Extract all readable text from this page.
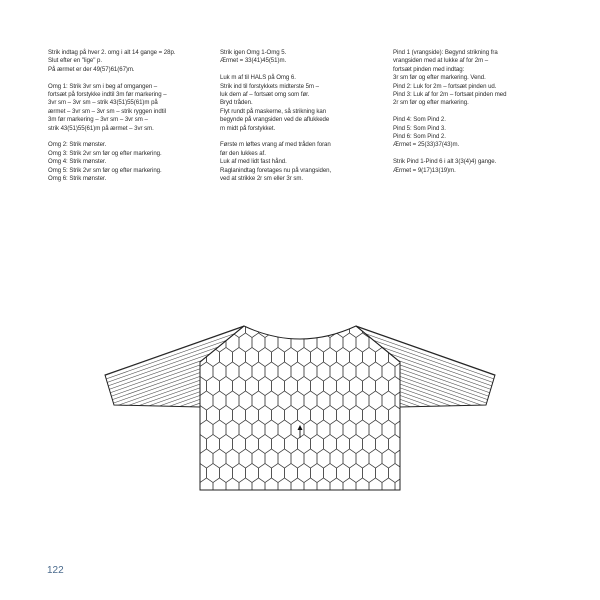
Strik indtag på hver 2. omg i alt 14 gange = 28p.
Slut efter en "lige" p.
På ærmet er der 49(57)61(67)m.

Omg 1: Strik 3vr sm i beg af omgangen –
fortsæt på forstykke indtil 3m før markering –
3vr sm – 3vr sm – strik 43(51)55(61)m på
ærmet – 3vr sm – 3vr sm – strik ryggen indtil
3m før markering – 3vr sm – 3vr sm –
strik 43(51)55(61)m på ærmet – 3vr sm.

Omg 2: Strik mønster.
Omg 3: Strik 2vr sm før og efter markering.
Omg 4: Strik mønster.
Omg 5: Strik 2vr sm før og efter markering.
Omg 6: Strik mønster.

Strik igen Omg 1-Omg 5.
Ærmet = 33(41)45(51)m.

Luk m af til HALS på Omg 6.
Strik ind til forstykkets midterste 5m –
luk dem af – fortsæt omg som før.
Bryd tråden.
Flyt rundt på maskerne, så strikning kan
begynde på vrangsiden ved de aflukkede
m midt på forstykket.

Første m løftes vrang af med tråden foran
før den lukkes af.
Luk af med lidt fast hånd.
Raglanindtag foretages nu på vrangsiden,
ved at strikke 2r sm eller 3r sm.

Pind 1 (vrangside): Begynd strikning fra
vrangsiden med at lukke af for 2m –
fortsæt pinden med indtag:
3r sm før og efter markering. Vend.
Pind 2: Luk for 2m – fortsæt pinden ud.
Pind 3: Luk af for 2m – fortsæt pinden med
2r sm før og efter markering.

Pind 4: Som Pind 2.
Pind 5: Som Pind 3.
Pind 6: Som Pind 2.
Ærmet = 25(33)37(43)m.

Strik Pind 1-Pind 6 i alt 3(3(4)4) gange.
Ærmet = 9(17)13(19)m.

122
